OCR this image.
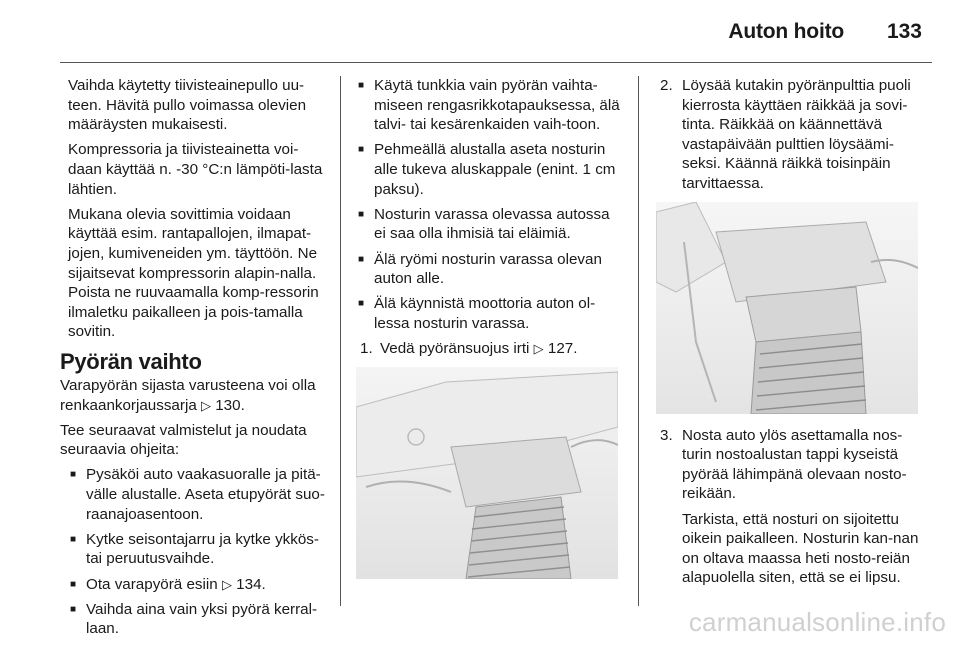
Auton hoito 133

Vaihda käytetty tiivisteainepullo uu-teen. Hävitä pullo voimassa olevien määräysten mukaisesti.

Kompressoria ja tiivisteainetta voi-daan käyttää n. -30 °C:n lämpöti-lasta lähtien.

Mukana olevia sovittimia voidaan käyttää esim. rantapallojen, ilmapat-jojen, kumiveneiden ym. täyttöön. Ne sijaitsevat kompressorin alapin-nalla. Poista ne ruuvaamalla komp-ressorin ilmaletku paikalleen ja pois-tamalla sovitin.

Pyörän vaihto

Varapyörän sijasta varusteena voi olla renkaankorjaussarja ▷ 130.

Tee seuraavat valmistelut ja noudata seuraavia ohjeita:

■ Pysäköi auto vaakasuoralle ja pitä-välle alustalle. Aseta etupyörät suo-raanajoasentoon.
■ Kytke seisontajarru ja kytke ykkös-tai peruutusvaihde.
■ Ota varapyörä esiin ▷ 134.
■ Vaihda aina vain yksi pyörä kerral-laan.
■ Käytä tunkkia vain pyörän vaihta-miseen rengasrikkotapauksessa, älä talvi- tai kesärenkaiden vaih-toon.
■ Pehmeällä alustalla aseta nosturin alle tukeva aluskappale (enint. 1 cm paksu).
■ Nosturin varassa olevassa autossa ei saa olla ihmisiä tai eläimiä.
■ Älä ryömi nosturin varassa olevan auton alle.
■ Älä käynnistä moottoria auton ol-lessa nosturin varassa.
1. Vedä pyöränsuojus irti ▷ 127.
2. Löysää kutakin pyöränpulttia puoli kierrosta käyttäen räikkää ja sovi-tinta. Räikkää on käännettävä vastapäivään pulttien löysäämi-seksi. Käännä räikkä toisinpäin tarvittaessa.
3. Nosta auto ylös asettamalla nos-turin nostoalustan tappi kyseistä pyörää lähimpänä olevaan nosto-reikään.

Tarkista, että nosturi on sijoitettu oikein paikalleen. Nosturin kan-nan on oltava maassa heti nosto-reiän alapuolella siten, että se ei lipsu.

carmanualsonline.info
